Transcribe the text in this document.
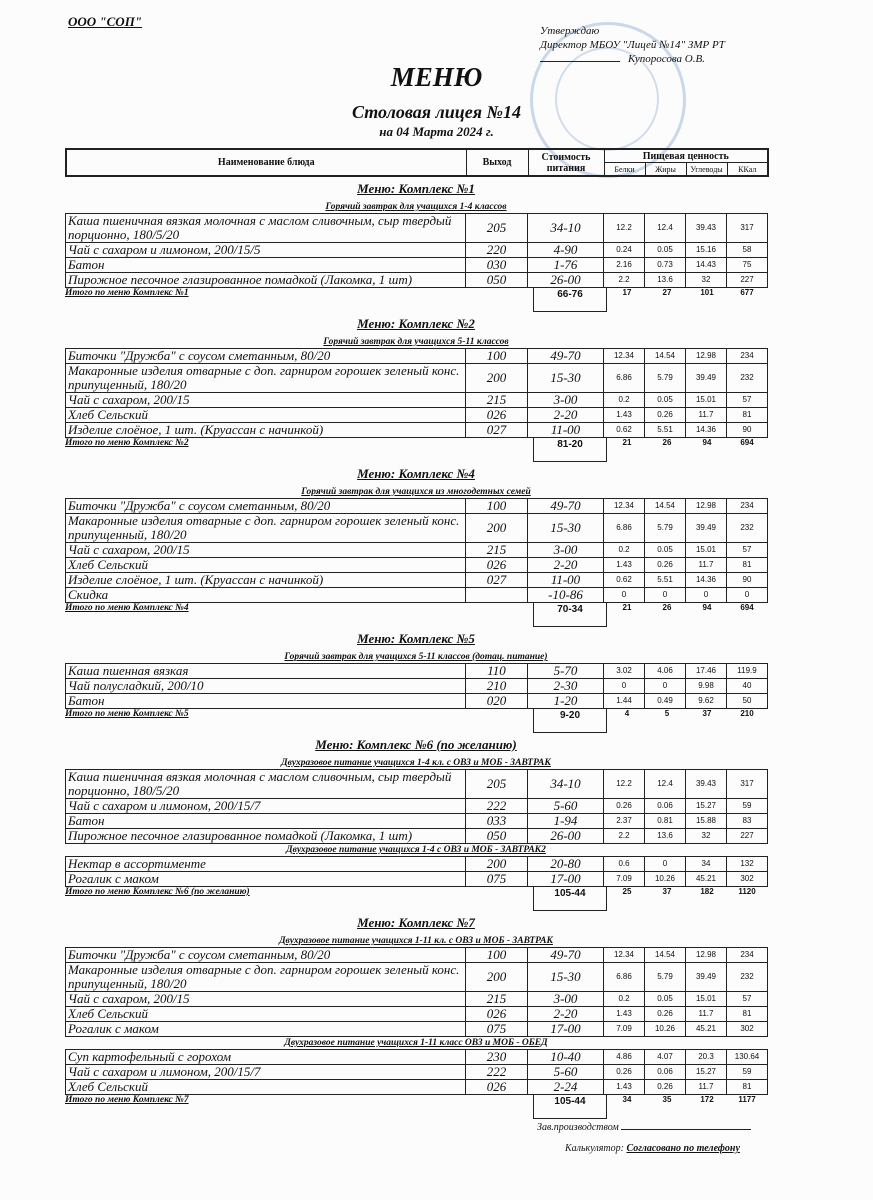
ООО "СОП"
Утверждаю
Директор МБОУ "Лицей №14" ЗМР РТ
Купоросова О.В.
МЕНЮ
Столовая лицея №14
на 04 Марта 2024 г.
Наименование блюда	Выход	Стоимость питания	Пищевая ценность			
			Белки	Жиры	Углеводы	ККал
Меню: Комплекс №1
Горячий завтрак для учащихся 1-4 классов
Каша пшеничная вязкая молочная с маслом сливочным, сыр твердый порционно, 180/5/20	205	34-10	12.2	12.4	39.43	317
Чай с сахаром и лимоном, 200/15/5	220	4-90	0.24	0.05	15.16	58
Батон	030	1-76	2.16	0.73	14.43	75
Пирожное песочное глазированное помадкой (Лакомка, 1 шт)	050	26-00	2.2	13.6	32	227
Итого по меню Комплекс №1	66-76	17	27	101	677
Меню: Комплекс №2
Горячий завтрак для учащихся 5-11 классов
Биточки "Дружба" с соусом сметанным, 80/20	100	49-70	12.34	14.54	12.98	234
Макаронные изделия отварные с доп. гарниром горошек зеленый конс. припущенный, 180/20	200	15-30	6.86	5.79	39.49	232
Чай с сахаром, 200/15	215	3-00	0.2	0.05	15.01	57
Хлеб Сельский	026	2-20	1.43	0.26	11.7	81
Изделие слоёное, 1 шт. (Круассан с начинкой)	027	11-00	0.62	5.51	14.36	90
Итого по меню Комплекс №2	81-20	21	26	94	694
Меню: Комплекс №4
Горячий завтрак для учащихся из многодетных семей
Биточки "Дружба" с соусом сметанным, 80/20	100	49-70	12.34	14.54	12.98	234
Макаронные изделия отварные с доп. гарниром горошек зеленый конс. припущенный, 180/20	200	15-30	6.86	5.79	39.49	232
Чай с сахаром, 200/15	215	3-00	0.2	0.05	15.01	57
Хлеб Сельский	026	2-20	1.43	0.26	11.7	81
Изделие слоёное, 1 шт. (Круассан с начинкой)	027	11-00	0.62	5.51	14.36	90
Скидка		-10-86	0	0	0	0
Итого по меню Комплекс №4	70-34	21	26	94	694
Меню: Комплекс №5
Горячий завтрак для учащихся 5-11 классов (дотац. питание)
Каша пшенная вязкая	110	5-70	3.02	4.06	17.46	119.9
Чай полусладкий, 200/10	210	2-30	0	0	9.98	40
Батон	020	1-20	1.44	0.49	9.62	50
Итого по меню Комплекс №5	9-20	4	5	37	210
Меню: Комплекс №6 (по желанию)
Двухразовое питание учащихся 1-4 кл. с ОВЗ и МОБ - ЗАВТРАК
Каша пшеничная вязкая молочная с маслом сливочным, сыр твердый порционно, 180/5/20	205	34-10	12.2	12.4	39.43	317
Чай с сахаром и лимоном, 200/15/7	222	5-60	0.26	0.06	15.27	59
Батон	033	1-94	2.37	0.81	15.88	83
Пирожное песочное глазированное помадкой (Лакомка, 1 шт)	050	26-00	2.2	13.6	32	227
Двухразовое питание учащихся 1-4 с ОВЗ и МОБ - ЗАВТРАК2
Нектар в ассортименте	200	20-80	0.6	0	34	132
Рогалик с маком	075	17-00	7.09	10.26	45.21	302
Итого по меню Комплекс №6 (по желанию)	105-44	25	37	182	1120
Меню: Комплекс №7
Двухразовое питание учащихся 1-11 кл. с ОВЗ и МОБ - ЗАВТРАК
Биточки "Дружба" с соусом сметанным, 80/20	100	49-70	12.34	14.54	12.98	234
Макаронные изделия отварные с доп. гарниром горошек зеленый конс. припущенный, 180/20	200	15-30	6.86	5.79	39.49	232
Чай с сахаром, 200/15	215	3-00	0.2	0.05	15.01	57
Хлеб Сельский	026	2-20	1.43	0.26	11.7	81
Рогалик с маком	075	17-00	7.09	10.26	45.21	302
Двухразовое питание учащихся 1-11 класс ОВЗ и МОБ - ОБЕД
Суп картофельный с горохом	230	10-40	4.86	4.07	20.3	130.64
Чай с сахаром и лимоном, 200/15/7	222	5-60	0.26	0.06	15.27	59
Хлеб Сельский	026	2-24	1.43	0.26	11.7	81
Итого по меню Комплекс №7	105-44	34	35	172	1177
Зав.производством
Калькулятор: Согласовано по телефону
